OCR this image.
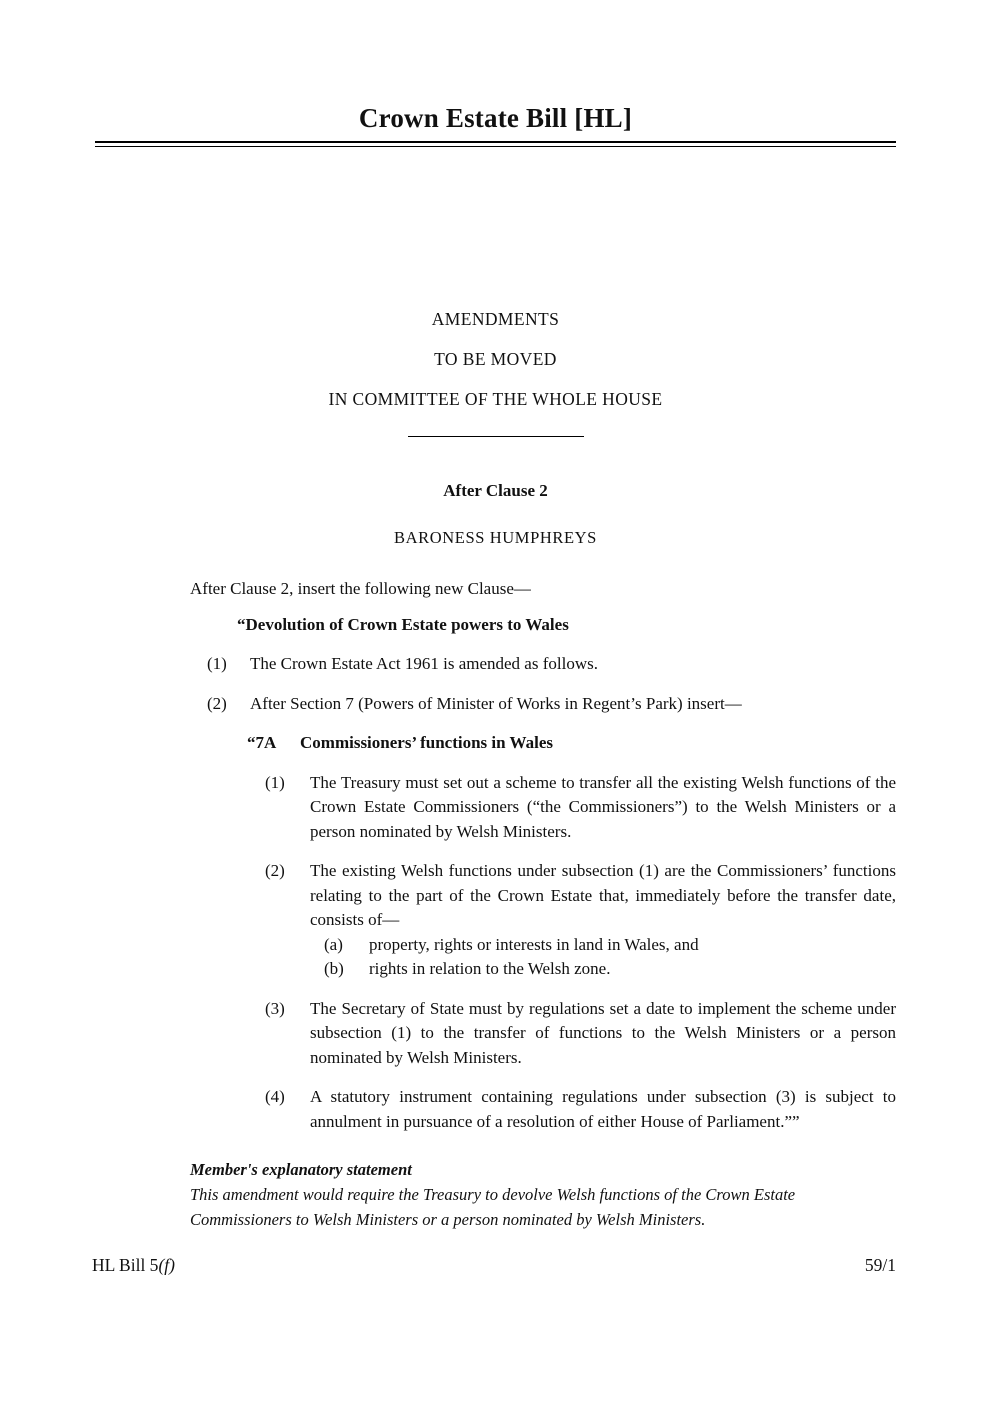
Crown Estate Bill [HL]
AMENDMENTS
TO BE MOVED
IN COMMITTEE OF THE WHOLE HOUSE
After Clause 2
BARONESS HUMPHREYS
After Clause 2, insert the following new Clause—
“Devolution of Crown Estate powers to Wales
(1)	The Crown Estate Act 1961 is amended as follows.
(2)	After Section 7 (Powers of Minister of Works in Regent’s Park) insert—
“7A	Commissioners’ functions in Wales
(1)	The Treasury must set out a scheme to transfer all the existing Welsh functions of the Crown Estate Commissioners (“the Commissioners”) to the Welsh Ministers or a person nominated by Welsh Ministers.
(2)	The existing Welsh functions under subsection (1) are the Commissioners’ functions relating to the part of the Crown Estate that, immediately before the transfer date, consists of—
(a)	property, rights or interests in land in Wales, and
(b)	rights in relation to the Welsh zone.
(3)	The Secretary of State must by regulations set a date to implement the scheme under subsection (1) to the transfer of functions to the Welsh Ministers or a person nominated by Welsh Ministers.
(4)	A statutory instrument containing regulations under subsection (3) is subject to annulment in pursuance of a resolution of either House of Parliament.””
Member's explanatory statement
This amendment would require the Treasury to devolve Welsh functions of the Crown Estate Commissioners to Welsh Ministers or a person nominated by Welsh Ministers.
HL Bill 5(f)	59/1
